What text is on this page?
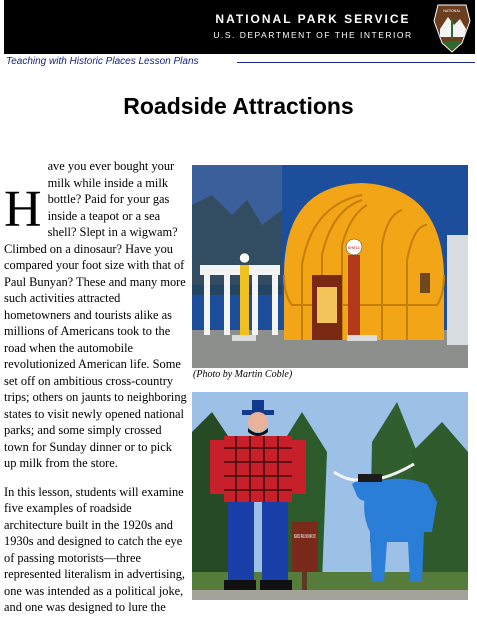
NATIONAL PARK SERVICE
U.S. DEPARTMENT OF THE INTERIOR
NATIONAL
Teaching with Historic Places Lesson Plans
Roadside Attractions

H
ave you ever bought your milk while inside a milk bottle? Paid for your gas inside a teapot or a sea shell? Slept in a wigwam? Climbed on a dinosaur? Have you compared your foot size with that of Paul Bunyan? These and many more such activities attracted hometowners and tourists alike as millions of Americans took to the road when the automobile revolutionized American life. Some set off on ambitious cross-country trips; others on jaunts to neighboring states to visit newly opened national parks; and some simply crossed town for Sunday dinner or to pick up milk from the store.

In this lesson, students will examine five examples of roadside architecture built in the 1920s and 1930s and designed to catch the eye of passing motorists—three represented literalism in advertising, one was intended as a political joke, and one was designed to lure the

SHELL
(Photo by Martin Coble)
BEMIDJI PAUL BUNYAN 1937
